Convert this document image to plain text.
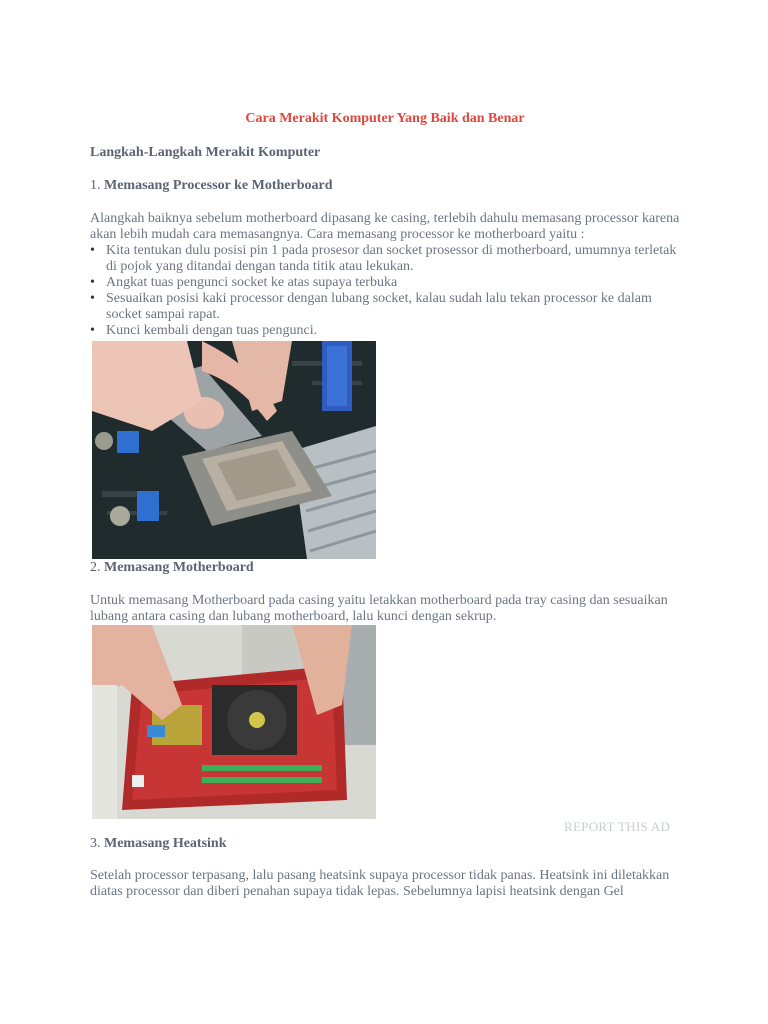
Cara Merakit Komputer Yang Baik dan Benar
Langkah-Langkah Merakit Komputer

1. Memasang Processor ke Motherboard

Alangkah baiknya sebelum motherboard dipasang ke casing, terlebih dahulu memasang processor karena akan lebih mudah cara memasangnya. Cara memasang processor ke motherboard yaitu :

• Kita tentukan dulu posisi pin 1 pada prosesor dan socket prosessor di motherboard, umumnya terletak di pojok yang ditandai dengan tanda titik atau lekukan.
• Angkat tuas pengunci socket ke atas supaya terbuka
• Sesuaikan posisi kaki processor dengan lubang socket, kalau sudah lalu tekan processor ke dalam socket sampai rapat.
• Kunci kembali dengan tuas pengunci.

2. Memasang Motherboard

Untuk memasang Motherboard pada casing yaitu letakkan motherboard pada tray casing dan sesuaikan lubang antara casing dan lubang motherboard, lalu kunci dengan sekrup.

REPORT THIS AD

3. Memasang Heatsink

Setelah processor terpasang, lalu pasang heatsink supaya processor tidak panas. Heatsink ini diletakkan diatas processor dan diberi penahan supaya tidak lepas. Sebelumnya lapisi heatsink dengan Gel
